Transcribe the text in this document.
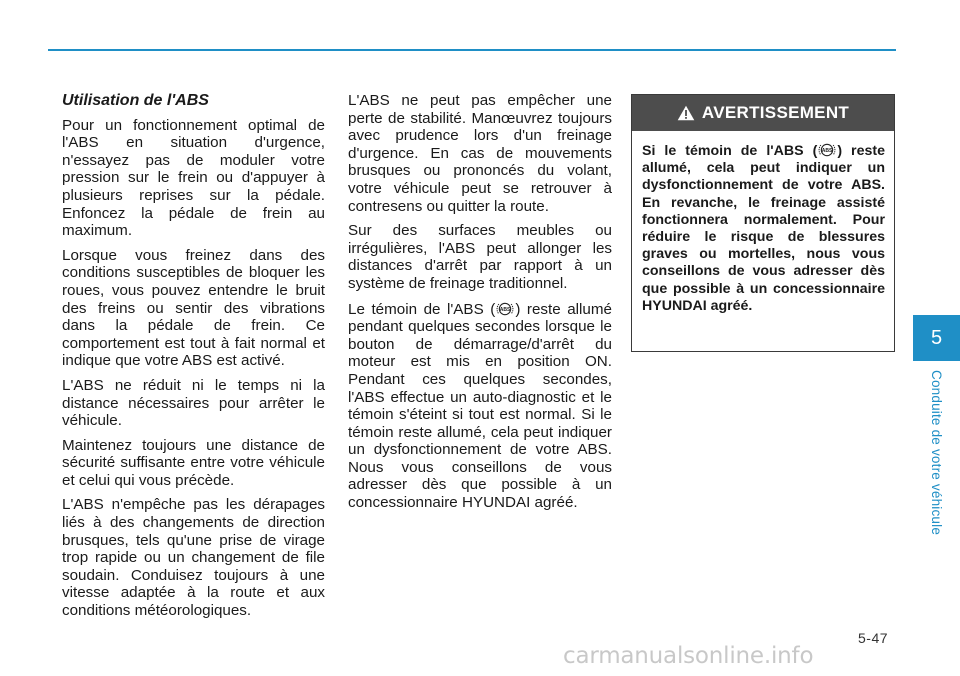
Utilisation de l'ABS

Pour un fonctionnement optimal de l'ABS en situation d'urgence, n'essayez pas de moduler votre pression sur le frein ou d'appuyer à plusieurs reprises sur la pédale. Enfoncez la pédale de frein au maximum.

Lorsque vous freinez dans des conditions susceptibles de bloquer les roues, vous pouvez entendre le bruit des freins ou sentir des vibrations dans la pédale de frein. Ce comportement est tout à fait normal et indique que votre ABS est activé.

L'ABS ne réduit ni le temps ni la distance nécessaires pour arrêter le véhicule.

Maintenez toujours une distance de sécurité suffisante entre votre véhicule et celui qui vous précède.

L'ABS n'empêche pas les dérapages liés à des changements de direction brusques, tels qu'une prise de virage trop rapide ou un changement de file soudain. Conduisez toujours à une vitesse adaptée à la route et aux conditions météorologiques.

L'ABS ne peut pas empêcher une perte de stabilité. Manœuvrez toujours avec prudence lors d'un freinage d'urgence. En cas de mouvements brusques ou prononcés du volant, votre véhicule peut se retrouver à contresens ou quitter la route.

Sur des surfaces meubles ou irrégulières, l'ABS peut allonger les distances d'arrêt par rapport à un système de freinage traditionnel.

Le témoin de l'ABS ( ABS ) reste allumé pendant quelques secondes lorsque le bouton de démarrage/d'arrêt du moteur est mis en position ON. Pendant ces quelques secondes, l'ABS effectue un auto-diagnostic et le témoin s'éteint si tout est normal. Si le témoin reste allumé, cela peut indiquer un dysfonctionnement de votre ABS. Nous vous conseillons de vous adresser dès que possible à un concessionnaire HYUNDAI agréé.

AVERTISSEMENT
Si le témoin de l'ABS ( ABS ) reste allumé, cela peut indiquer un dysfonctionnement de votre ABS. En revanche, le freinage assisté fonctionnera normalement. Pour réduire le risque de blessures graves ou mortelles, nous vous conseillons de vous adresser dès que possible à un concessionnaire HYUNDAI agréé.
5
Conduite de votre véhicule
5-47
carmanualsonline.info
